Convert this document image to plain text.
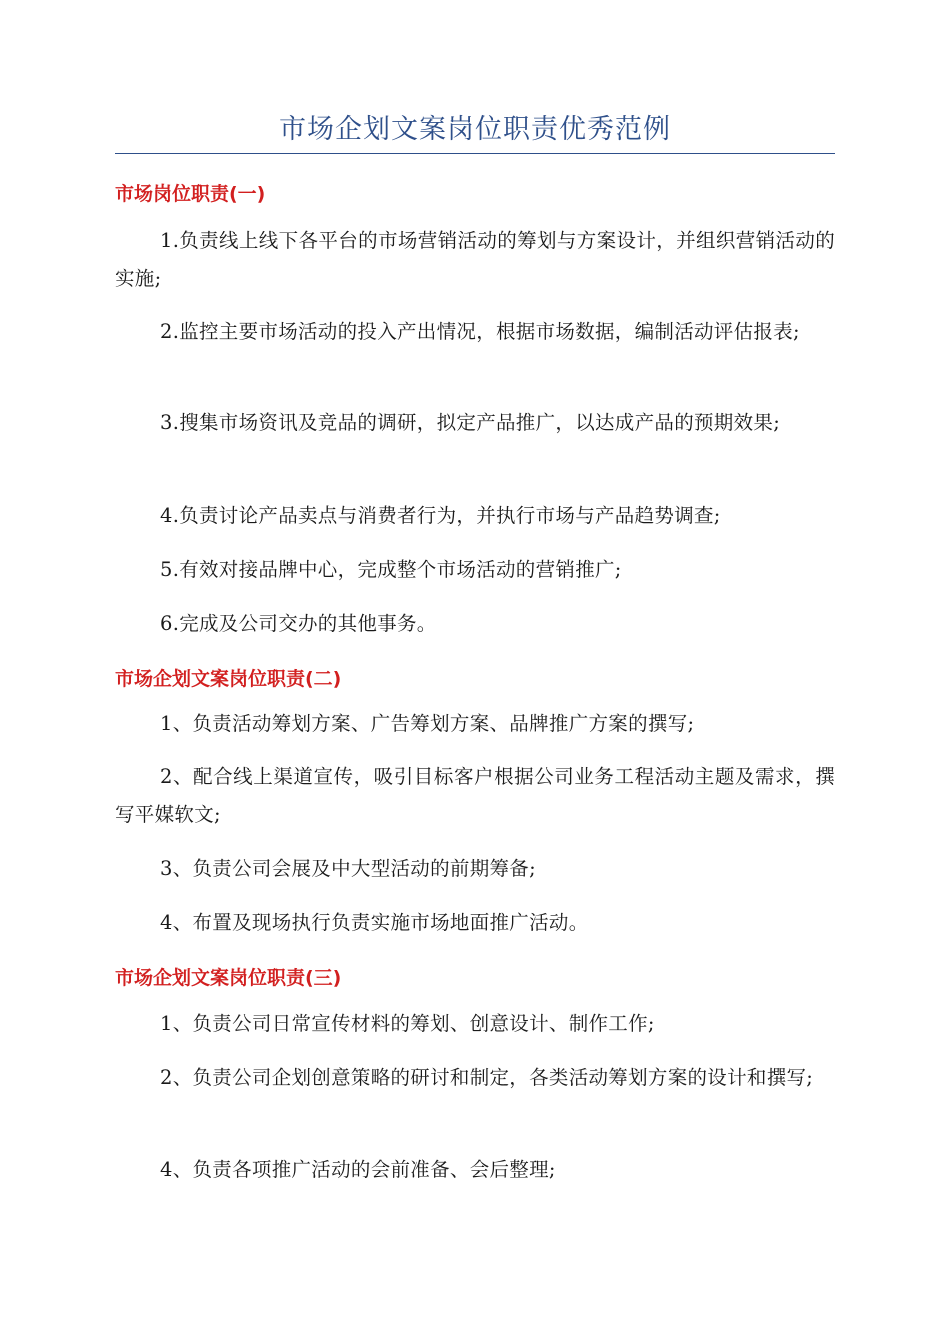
市场企划文案岗位职责优秀范例
市场岗位职责(一)
1.负责线上线下各平台的市场营销活动的筹划与方案设计，并组织营销活动的实施;
2.监控主要市场活动的投入产出情况，根据市场数据，编制活动评估报表;
3.搜集市场资讯及竞品的调研，拟定产品推广，以达成产品的预期效果;
4.负责讨论产品卖点与消费者行为，并执行市场与产品趋势调查;
5.有效对接品牌中心，完成整个市场活动的营销推广;
6.完成及公司交办的其他事务。
市场企划文案岗位职责(二)
1、负责活动筹划方案、广告筹划方案、品牌推广方案的撰写;
2、配合线上渠道宣传，吸引目标客户根据公司业务工程活动主题及需求，撰写平媒软文;
3、负责公司会展及中大型活动的前期筹备;
4、布置及现场执行负责实施市场地面推广活动。
市场企划文案岗位职责(三)
1、负责公司日常宣传材料的筹划、创意设计、制作工作;
2、负责公司企划创意策略的研讨和制定，各类活动筹划方案的设计和撰写;
4、负责各项推广活动的会前准备、会后整理;
